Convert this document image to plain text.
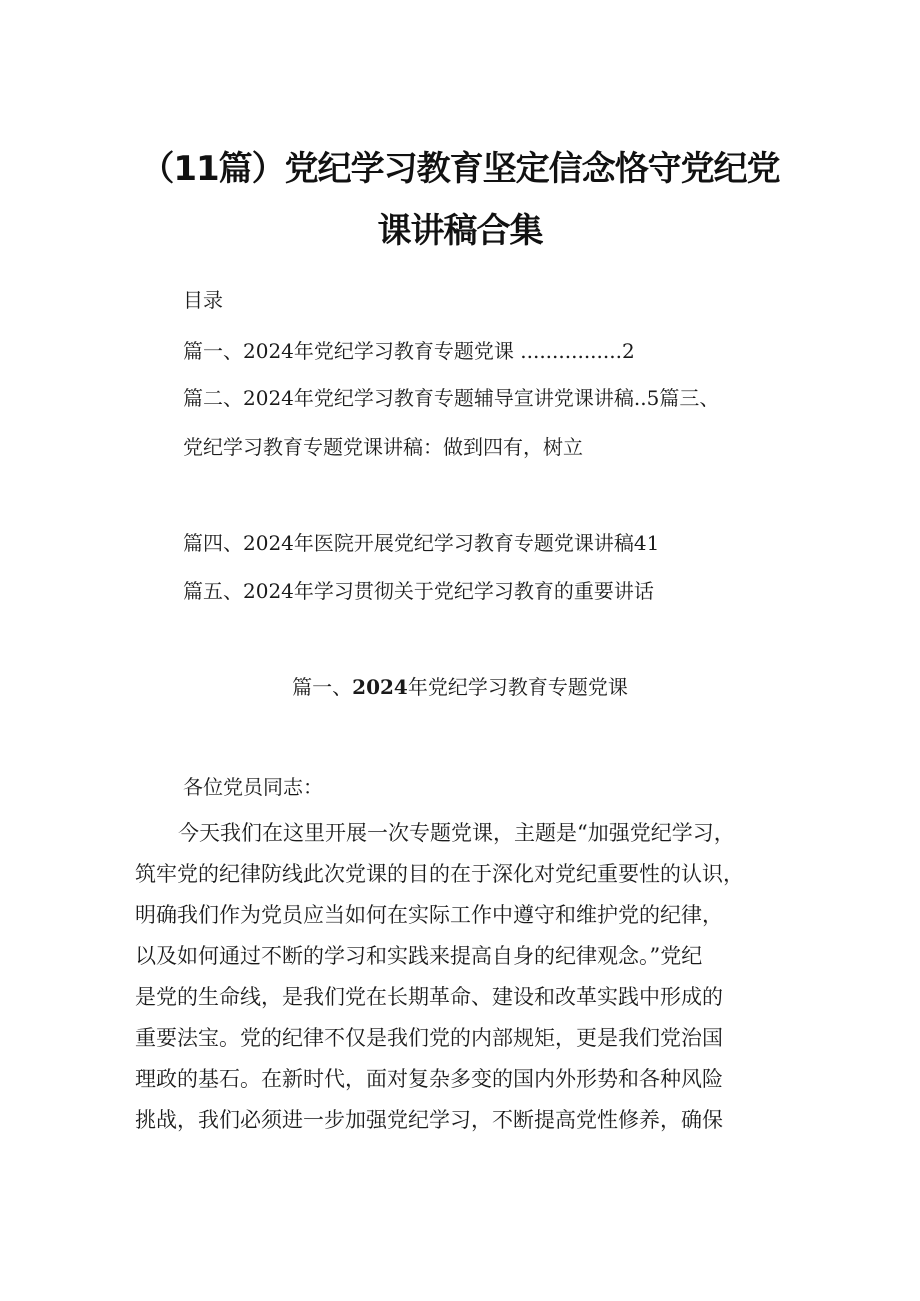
（11篇）党纪学习教育坚定信念恪守党纪党
课讲稿合集
目录
篇一、2024年党纪学习教育专题党课 ................2
篇二、2024年党纪学习教育专题辅导宣讲党课讲稿..5篇三、
党纪学习教育专题党课讲稿：做到四有，树立
篇四、2024年医院开展党纪学习教育专题党课讲稿41
篇五、2024年学习贯彻关于党纪学习教育的重要讲话
篇一、2024年党纪学习教育专题党课
各位党员同志：
今天我们在这里开展一次专题党课，主题是“加强党纪学习，
筑牢党的纪律防线此次党课的目的在于深化对党纪重要性的认识，
明确我们作为党员应当如何在实际工作中遵守和维护党的纪律，
以及如何通过不断的学习和实践来提高自身的纪律观念。”党纪
是党的生命线，是我们党在长期革命、建设和改革实践中形成的
重要法宝。党的纪律不仅是我们党的内部规矩，更是我们党治国
理政的基石。在新时代，面对复杂多变的国内外形势和各种风险
挑战，我们必须进一步加强党纪学习，不断提高党性修养，确保
